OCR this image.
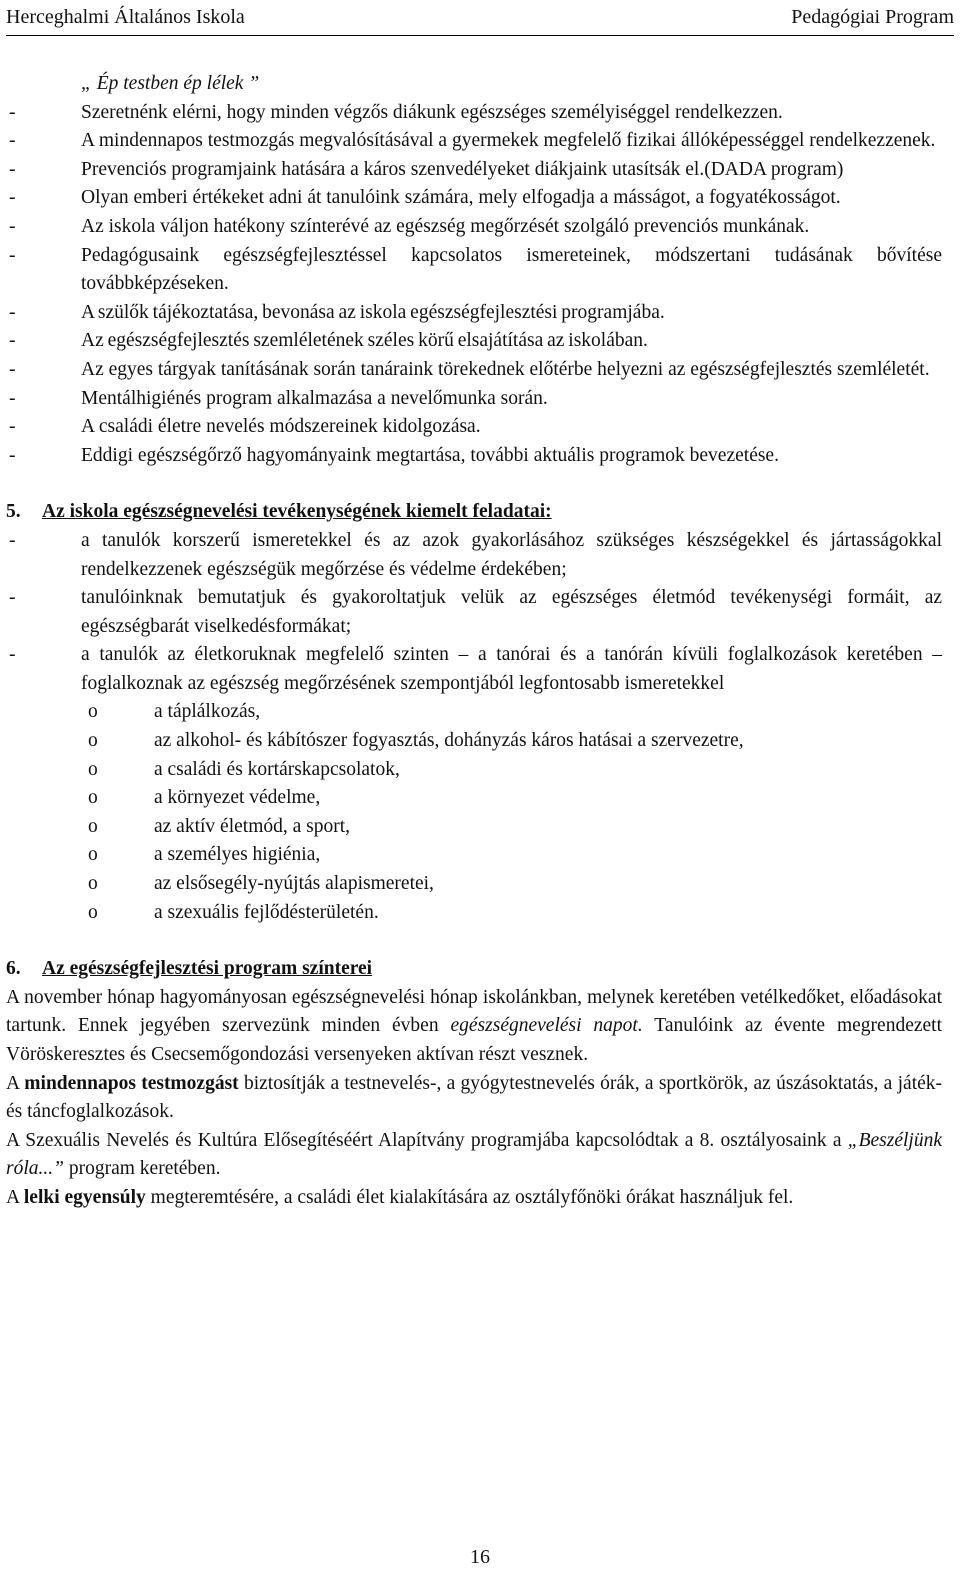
Herceghalmi Általános Iskola	Pedagógiai Program

„ Ép testben ép lélek ”

-	Szeretnénk elérni, hogy minden végzős diákunk egészséges személyiséggel rendelkezzen.
-	A mindennapos testmozgás megvalósításával a gyermekek megfelelő fizikai állóképességgel rendelkezzenek.
-	Prevenciós programjaink hatására a káros szenvedélyeket diákjaink utasítsák el.(DADA program)
-	Olyan emberi értékeket adni át tanulóink számára, mely elfogadja a másságot, a fogyatékosságot.
-	Az iskola váljon hatékony színterévé az egészség megőrzését szolgáló prevenciós munkának.
-	Pedagógusaink egészségfejlesztéssel kapcsolatos ismereteinek, módszertani tudásának bővítése továbbképzéseken.
-	A szülők tájékoztatása, bevonása az iskola egészségfejlesztési programjába.
-	Az egészségfejlesztés szemléletének széles körű elsajátítása az iskolában.
-	Az egyes tárgyak tanításának során tanáraink törekednek előtérbe helyezni az egészségfejlesztés szemléletét.
-	Mentálhigiénés program alkalmazása a nevelőmunka során.
-	A családi életre nevelés módszereinek kidolgozása.
-	Eddigi egészségőrző hagyományaink megtartása, további aktuális programok bevezetése.
5.	Az iskola egészségnevelési tevékenységének kiemelt feladatai:
-	a tanulók korszerű ismeretekkel és az azok gyakorlásához szükséges készségekkel és jártasságokkal rendelkezzenek egészségük megőrzése és védelme érdekében;
-	tanulóinknak bemutatjuk és gyakoroltatjuk velük az egészséges életmód tevékenységi formáit, az egészségbarát viselkedésformákat;
-	a tanulók az életkoruknak megfelelő szinten – a tanórai és a tanórán kívüli foglalkozások keretében – foglalkoznak az egészség megőrzésének szempontjából legfontosabb ismeretekkel
o	a táplálkozás,
o	az alkohol- és kábítószer fogyasztás, dohányzás káros hatásai a szervezetre,
o	a családi és kortárskapcsolatok,
o	a környezet védelme,
o	az aktív életmód, a sport,
o	a személyes higiénia,
o	az elsősegély-nyújtás alapismeretei,
o	a szexuális fejlődésterületén.
6.	Az egészségfejlesztési program színterei

A november hónap hagyományosan egészségnevelési hónap iskolánkban, melynek keretében vetélkedőket, előadásokat tartunk. Ennek jegyében szervezünk minden évben egészségnevelési napot. Tanulóink az évente megrendezett Vöröskeresztes és Csecsemőgondozási versenyeken aktívan részt vesznek.

A mindennapos testmozgást biztosítják a testnevelés-, a gyógytestnevelés órák, a sportkörök, az úszásoktatás, a játék- és táncfoglalkozások.

A Szexuális Nevelés és Kultúra Elősegítéséért Alapítvány programjába kapcsolódtak a 8. osztályosaink a „Beszéljünk róla...” program keretében.

A lelki egyensúly megteremtésére, a családi élet kialakítására az osztályfőnöki órákat használjuk fel.

16
